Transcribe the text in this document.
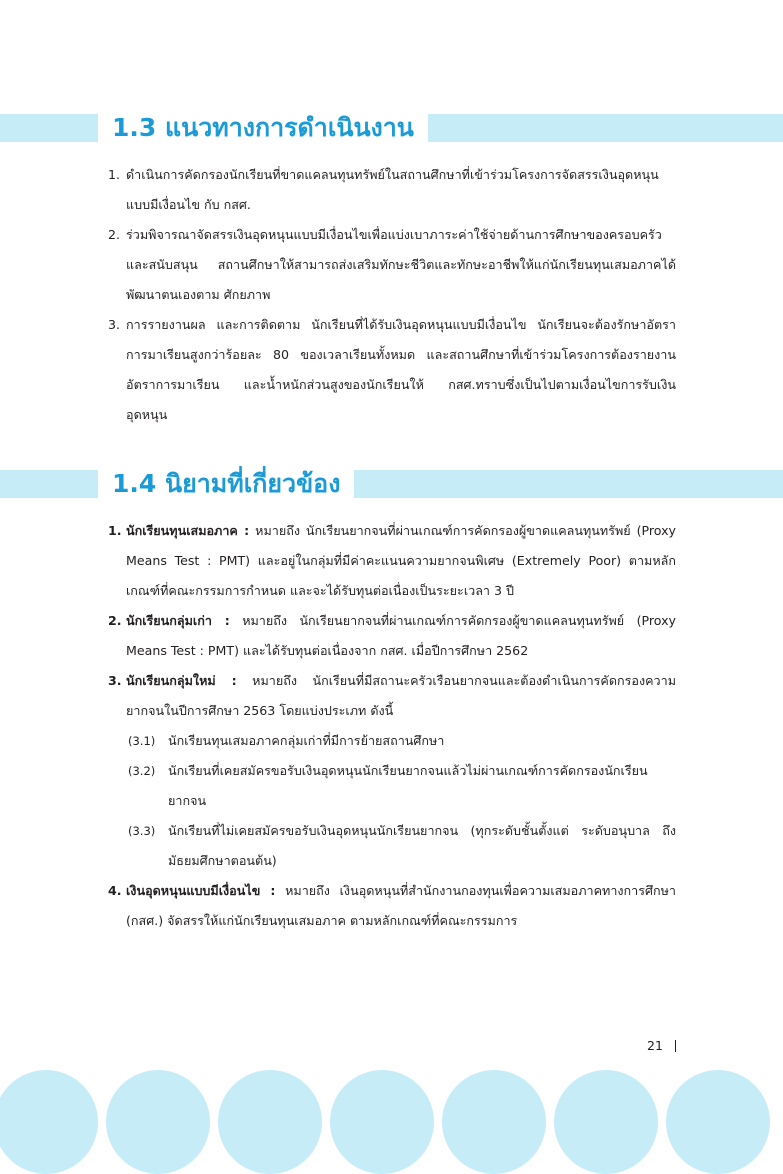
1.3 แนวทางการดำเนินงาน
1. ดำเนินการคัดกรองนักเรียนที่ขาดแคลนทุนทรัพย์ในสถานศึกษาที่เข้าร่วมโครงการจัดสรรเงินอุดหนุนแบบมีเงื่อนไข กับ กสศ.
2. ร่วมพิจารณาจัดสรรเงินอุดหนุนแบบมีเงื่อนไขเพื่อแบ่งเบาภาระค่าใช้จ่ายด้านการศึกษาของครอบครัว และสนับสนุน สถานศึกษาให้สามารถส่งเสริมทักษะชีวิตและทักษะอาชีพให้แก่นักเรียนทุนเสมอภาคได้พัฒนาตนเองตาม ศักยภาพ
3. การรายงานผล และการติดตาม นักเรียนที่ได้รับเงินอุดหนุนแบบมีเงื่อนไข นักเรียนจะต้องรักษาอัตราการมาเรียนสูงกว่าร้อยละ 80 ของเวลาเรียนทั้งหมด และสถานศึกษาที่เข้าร่วมโครงการต้องรายงานอัตราการมาเรียน และน้ำหนักส่วนสูงของนักเรียนให้ กสศ.ทราบซึ่งเป็นไปตามเงื่อนไขการรับเงินอุดหนุน
1.4 นิยามที่เกี่ยวข้อง
1. นักเรียนทุนเสมอภาค : หมายถึง นักเรียนยากจนที่ผ่านเกณฑ์การคัดกรองผู้ขาดแคลนทุนทรัพย์ (Proxy Means Test : PMT) และอยู่ในกลุ่มที่มีค่าคะแนนความยากจนพิเศษ (Extremely Poor) ตามหลักเกณฑ์ที่คณะกรรมการกำหนด และจะได้รับทุนต่อเนื่องเป็นระยะเวลา 3 ปี
2. นักเรียนกลุ่มเก่า : หมายถึง นักเรียนยากจนที่ผ่านเกณฑ์การคัดกรองผู้ขาดแคลนทุนทรัพย์ (Proxy Means Test : PMT) และได้รับทุนต่อเนื่องจาก กสศ. เมื่อปีการศึกษา 2562
3. นักเรียนกลุ่มใหม่ : หมายถึง นักเรียนที่มีสถานะครัวเรือนยากจนและต้องดำเนินการคัดกรองความยากจนในปีการศึกษา 2563 โดยแบ่งประเภท ดังนี้
(3.1) นักเรียนทุนเสมอภาคกลุ่มเก่าที่มีการย้ายสถานศึกษา
(3.2) นักเรียนที่เคยสมัครขอรับเงินอุดหนุนนักเรียนยากจนแล้วไม่ผ่านเกณฑ์การคัดกรองนักเรียนยากจน
(3.3) นักเรียนที่ไม่เคยสมัครขอรับเงินอุดหนุนนักเรียนยากจน (ทุกระดับชั้นตั้งแต่ ระดับอนุบาล ถึง มัธยมศึกษาตอนต้น)
4. เงินอุดหนุนแบบมีเงื่อนไข : หมายถึง เงินอุดหนุนที่สำนักงานกองทุนเพื่อความเสมอภาคทางการศึกษา (กสศ.) จัดสรรให้แก่นักเรียนทุนเสมอภาค ตามหลักเกณฑ์ที่คณะกรรมการ
21
